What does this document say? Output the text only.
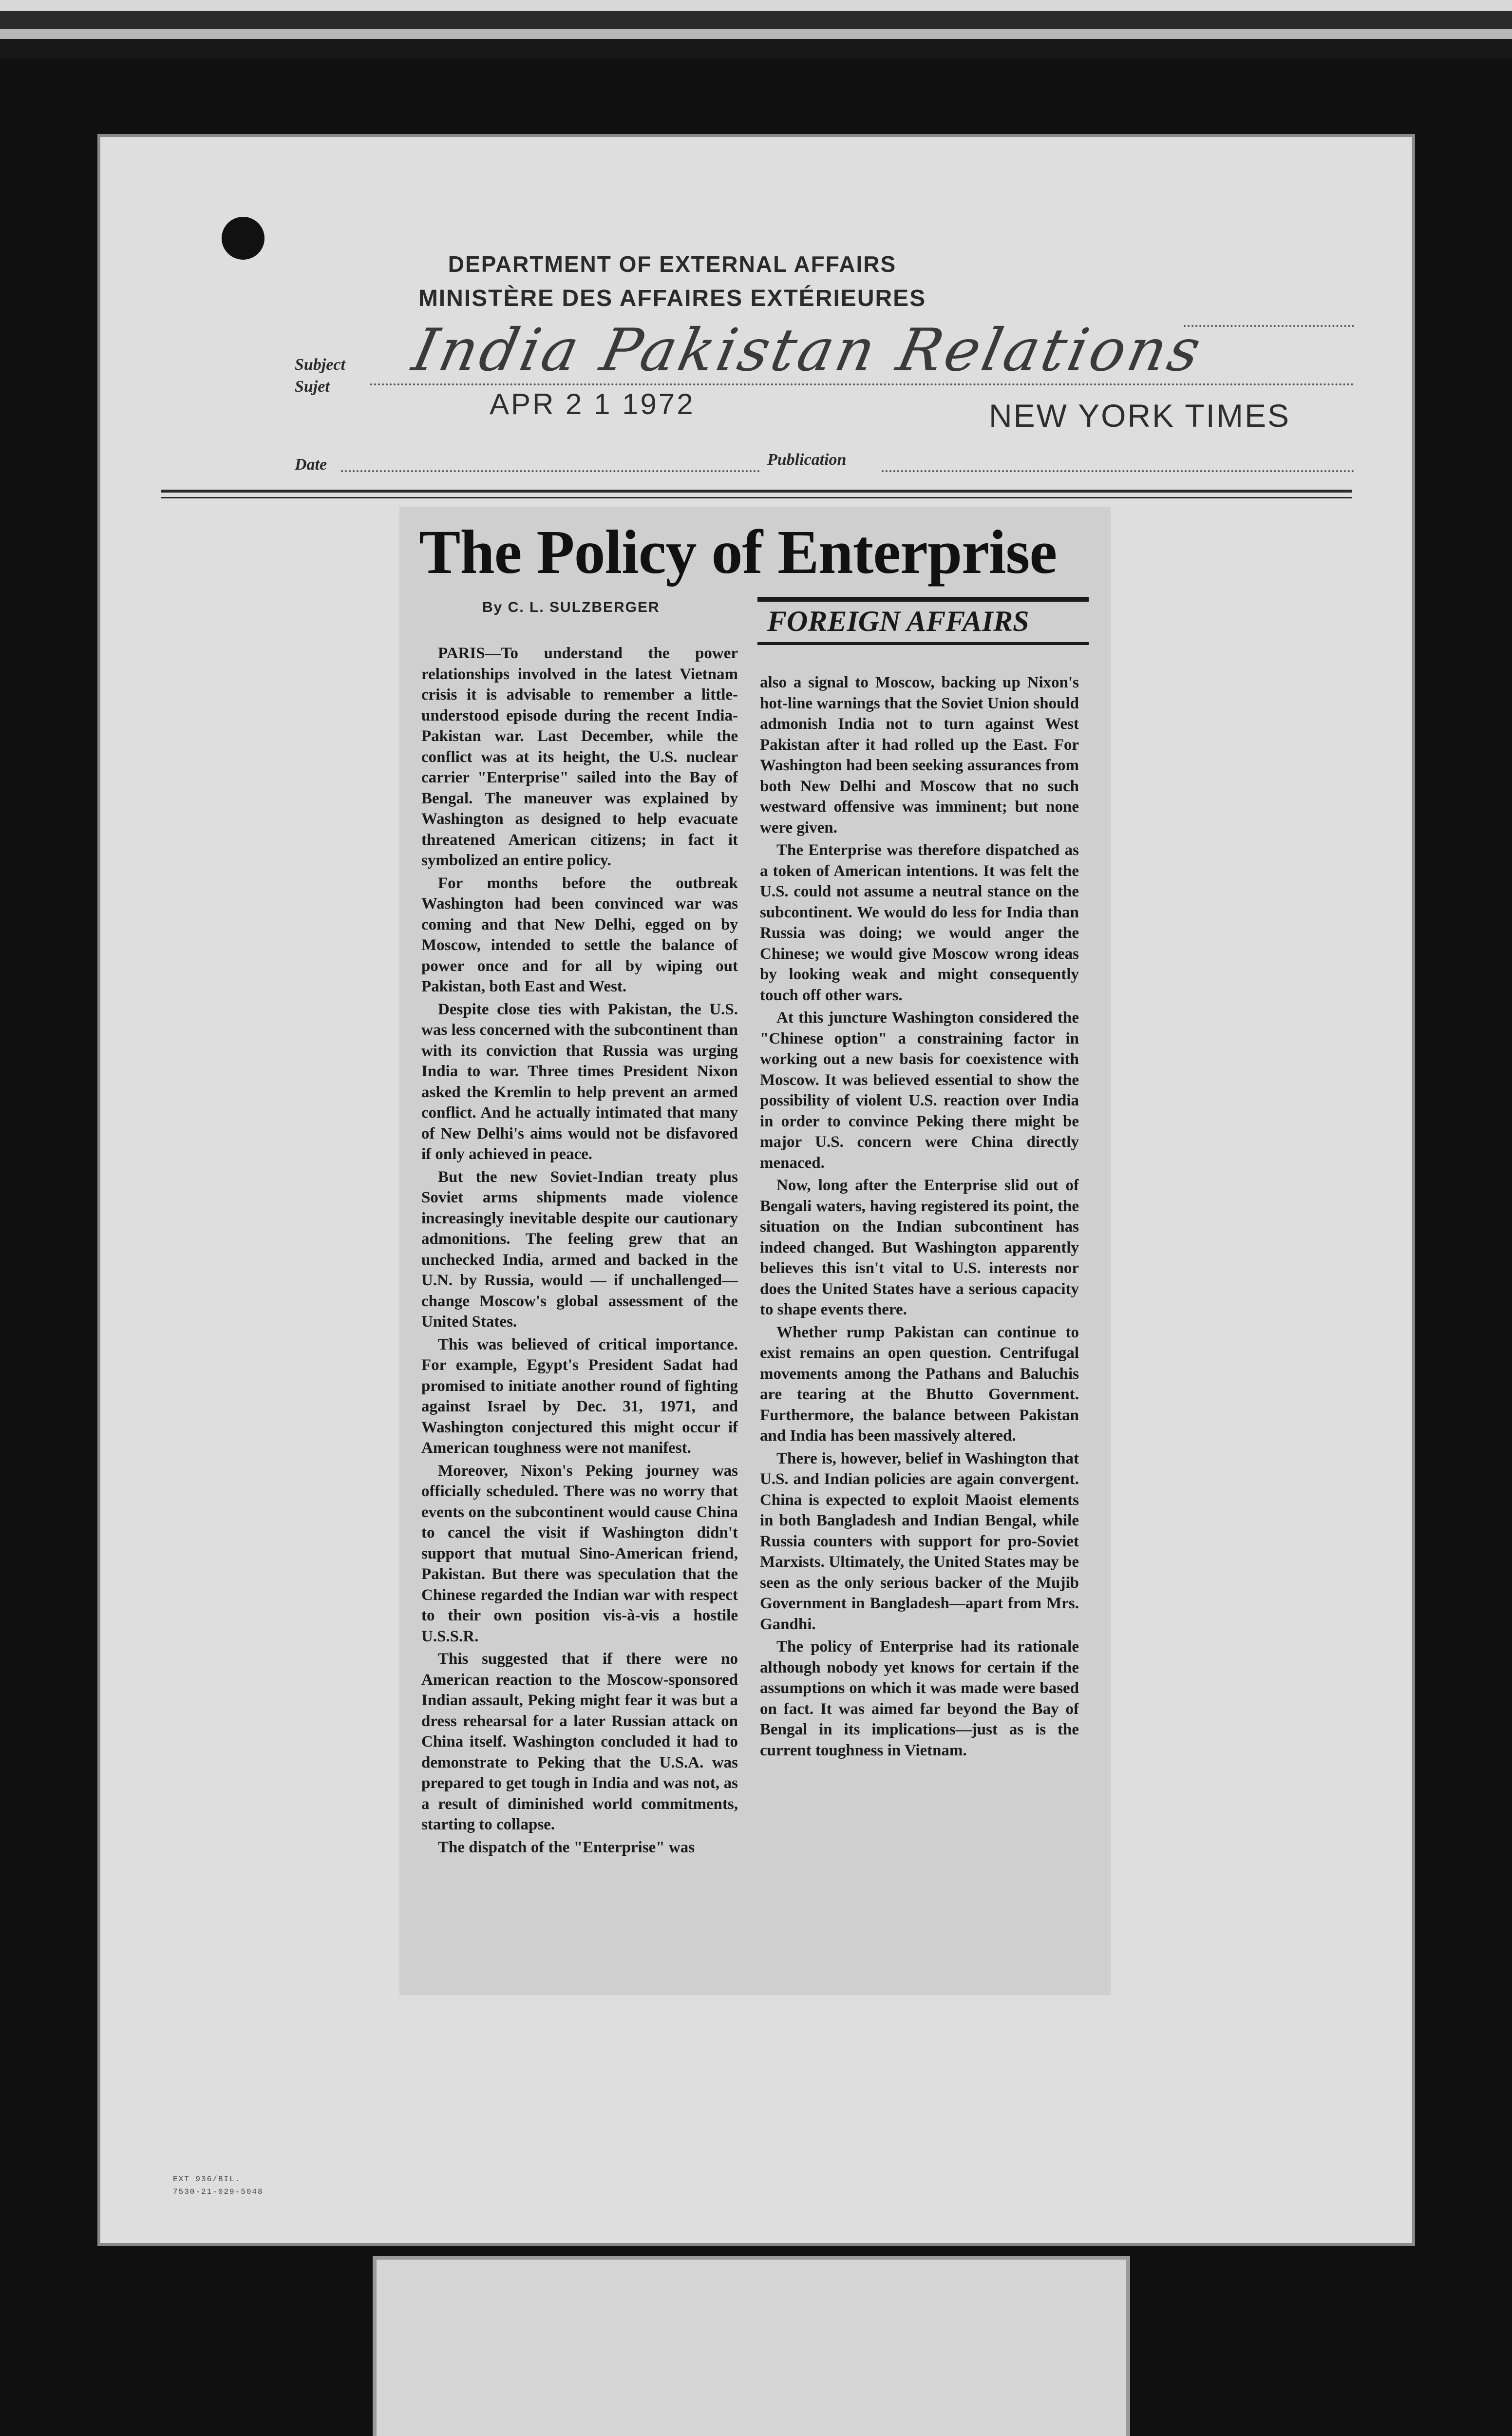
DEPARTMENT OF EXTERNAL AFFAIRS
MINISTÈRE DES AFFAIRES EXTÉRIEURES
Subject
Sujet
India Pakistan Relations
APR 2 1 1972	NEW YORK TIMES
Date	Publication
The Policy of Enterprise
By C. L. SULZBERGER	FOREIGN AFFAIRS

PARIS—To understand the power relationships involved in the latest Vietnam crisis it is advisable to remember a little-understood episode during the recent India-Pakistan war. Last December, while the conflict was at its height, the U.S. nuclear carrier "Enterprise" sailed into the Bay of Bengal. The maneuver was explained by Washington as designed to help evacuate threatened American citizens; in fact it symbolized an entire policy.

For months before the outbreak Washington had been convinced war was coming and that New Delhi, egged on by Moscow, intended to settle the balance of power once and for all by wiping out Pakistan, both East and West.

Despite close ties with Pakistan, the U.S. was less concerned with the subcontinent than with its conviction that Russia was urging India to war. Three times President Nixon asked the Kremlin to help prevent an armed conflict. And he actually intimated that many of New Delhi's aims would not be disfavored if only achieved in peace.

But the new Soviet-Indian treaty plus Soviet arms shipments made violence increasingly inevitable despite our cautionary admonitions. The feeling grew that an unchecked India, armed and backed in the U.N. by Russia, would — if unchallenged—change Moscow's global assessment of the United States.

This was believed of critical importance. For example, Egypt's President Sadat had promised to initiate another round of fighting against Israel by Dec. 31, 1971, and Washington conjectured this might occur if American toughness were not manifest.

Moreover, Nixon's Peking journey was officially scheduled. There was no worry that events on the subcontinent would cause China to cancel the visit if Washington didn't support that mutual Sino-American friend, Pakistan. But there was speculation that the Chinese regarded the Indian war with respect to their own position vis-à-vis a hostile U.S.S.R.

This suggested that if there were no American reaction to the Moscow-sponsored Indian assault, Peking might fear it was but a dress rehearsal for a later Russian attack on China itself. Washington concluded it had to demonstrate to Peking that the U.S.A. was prepared to get tough in India and was not, as a result of diminished world commitments, starting to collapse.

The dispatch of the "Enterprise" was

also a signal to Moscow, backing up Nixon's hot-line warnings that the Soviet Union should admonish India not to turn against West Pakistan after it had rolled up the East. For Washington had been seeking assurances from both New Delhi and Moscow that no such westward offensive was imminent; but none were given.

The Enterprise was therefore dispatched as a token of American intentions. It was felt the U.S. could not assume a neutral stance on the subcontinent. We would do less for India than Russia was doing; we would anger the Chinese; we would give Moscow wrong ideas by looking weak and might consequently touch off other wars.

At this juncture Washington considered the "Chinese option" a constraining factor in working out a new basis for coexistence with Moscow. It was believed essential to show the possibility of violent U.S. reaction over India in order to convince Peking there might be major U.S. concern were China directly menaced.

Now, long after the Enterprise slid out of Bengali waters, having registered its point, the situation on the Indian subcontinent has indeed changed. But Washington apparently believes this isn't vital to U.S. interests nor does the United States have a serious capacity to shape events there.

Whether rump Pakistan can continue to exist remains an open question. Centrifugal movements among the Pathans and Baluchis are tearing at the Bhutto Government. Furthermore, the balance between Pakistan and India has been massively altered.

There is, however, belief in Washington that U.S. and Indian policies are again convergent. China is expected to exploit Maoist elements in both Bangladesh and Indian Bengal, while Russia counters with support for pro-Soviet Marxists. Ultimately, the United States may be seen as the only serious backer of the Mujib Government in Bangladesh—apart from Mrs. Gandhi.

The policy of Enterprise had its rationale although nobody yet knows for certain if the assumptions on which it was made were based on fact. It was aimed far beyond the Bay of Bengal in its implications—just as is the current toughness in Vietnam.

EXT 936/BIL.
7530-21-029-5048
